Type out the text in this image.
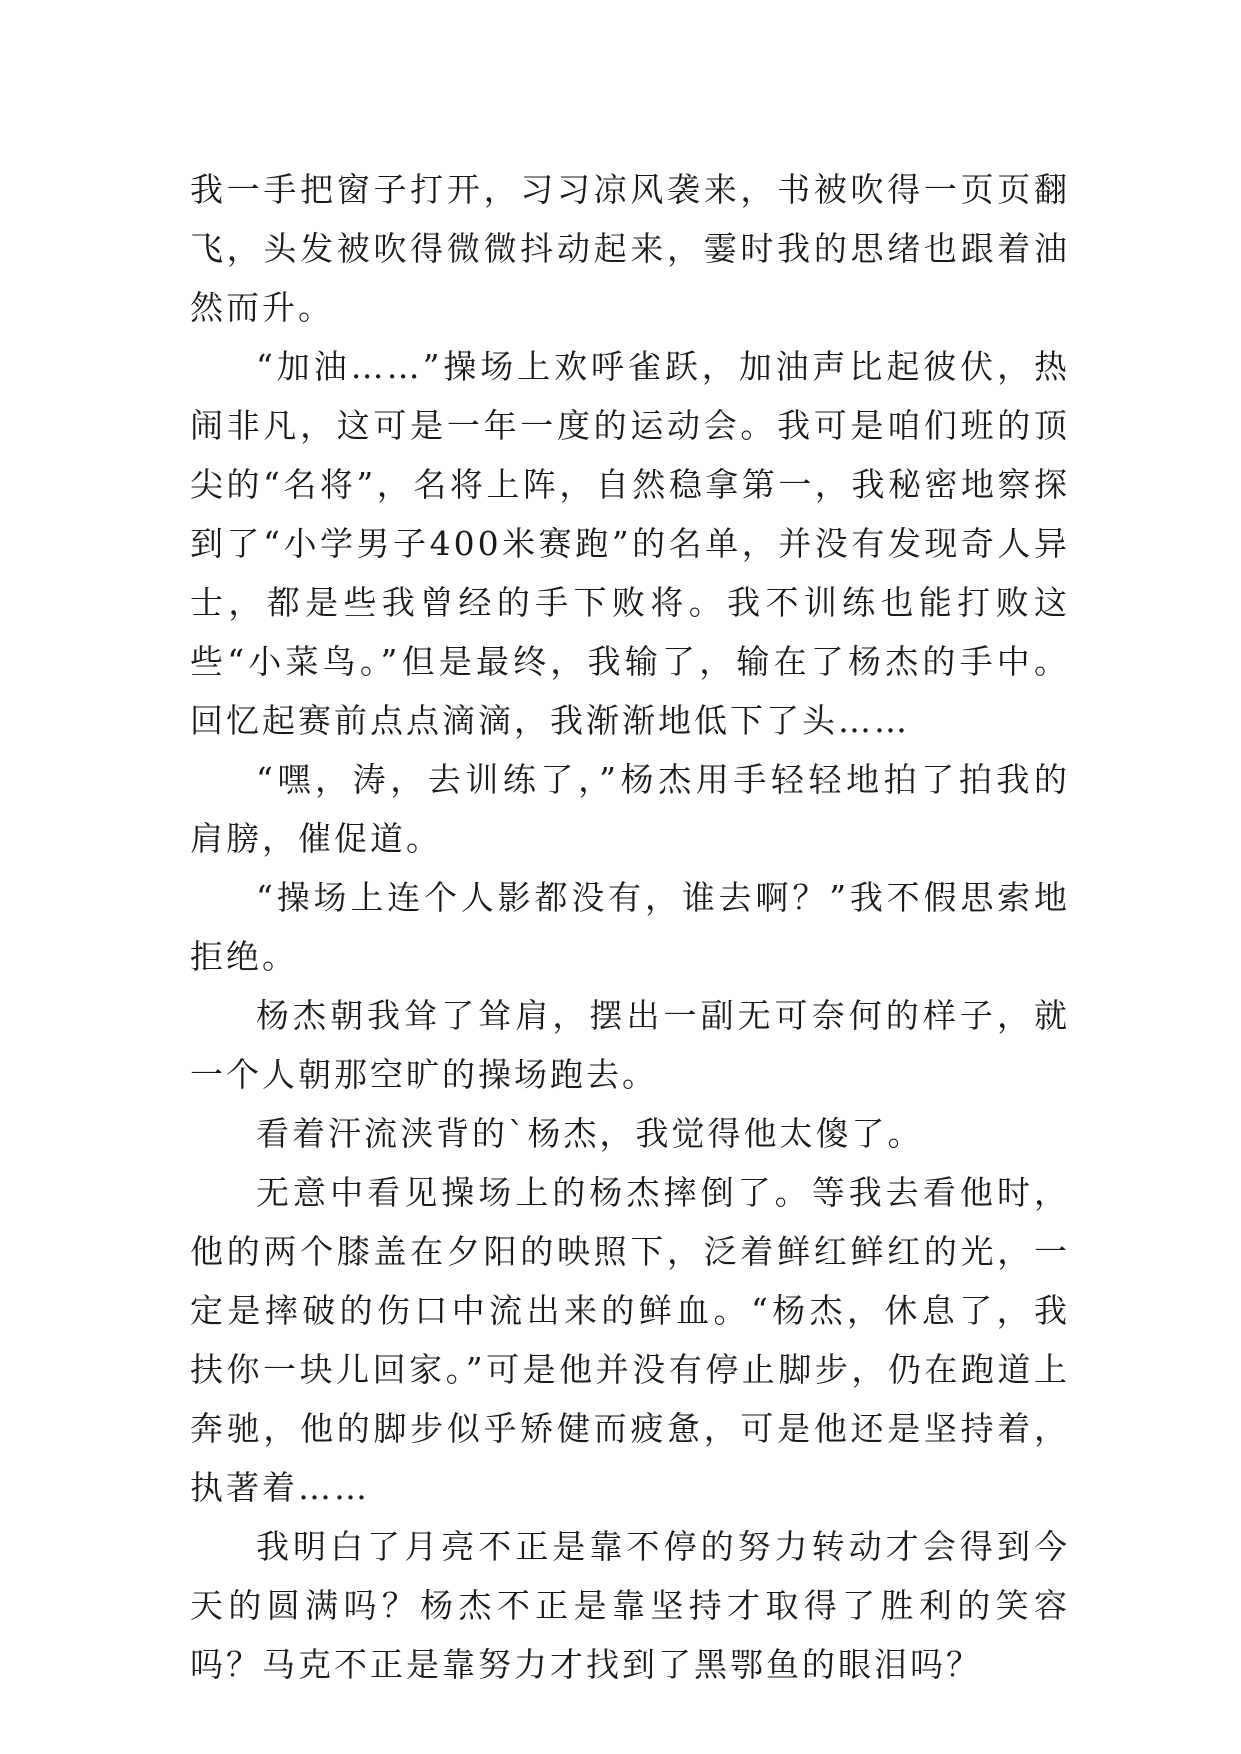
我一手把窗子打开，习习凉风袭来，书被吹得一页页翻飞，头发被吹得微微抖动起来，霎时我的思绪也跟着油然而升。

“加油……”操场上欢呼雀跃，加油声比起彼伏，热闹非凡，这可是一年一度的运动会。我可是咱们班的顶尖的“名将”，名将上阵，自然稳拿第一，我秘密地察探到了“小学男子400米赛跑”的名单，并没有发现奇人异士，都是些我曾经的手下败将。我不训练也能打败这些“小菜鸟。”但是最终，我输了，输在了杨杰的手中。回忆起赛前点点滴滴，我渐渐地低下了头……

“嘿，涛，去训练了，”杨杰用手轻轻地拍了拍我的肩膀，催促道。

“操场上连个人影都没有，谁去啊？”我不假思索地拒绝。

杨杰朝我耸了耸肩，摆出一副无可奈何的样子，就一个人朝那空旷的操场跑去。

看着汗流浃背的`杨杰，我觉得他太傻了。

无意中看见操场上的杨杰摔倒了。等我去看他时，他的两个膝盖在夕阳的映照下，泛着鲜红鲜红的光，一定是摔破的伤口中流出来的鲜血。“杨杰，休息了，我扶你一块儿回家。”可是他并没有停止脚步，仍在跑道上奔驰，他的脚步似乎矫健而疲惫，可是他还是坚持着，执著着……

我明白了月亮不正是靠不停的努力转动才会得到今天的圆满吗？杨杰不正是靠坚持才取得了胜利的笑容吗？马克不正是靠努力才找到了黑鄂鱼的眼泪吗？
